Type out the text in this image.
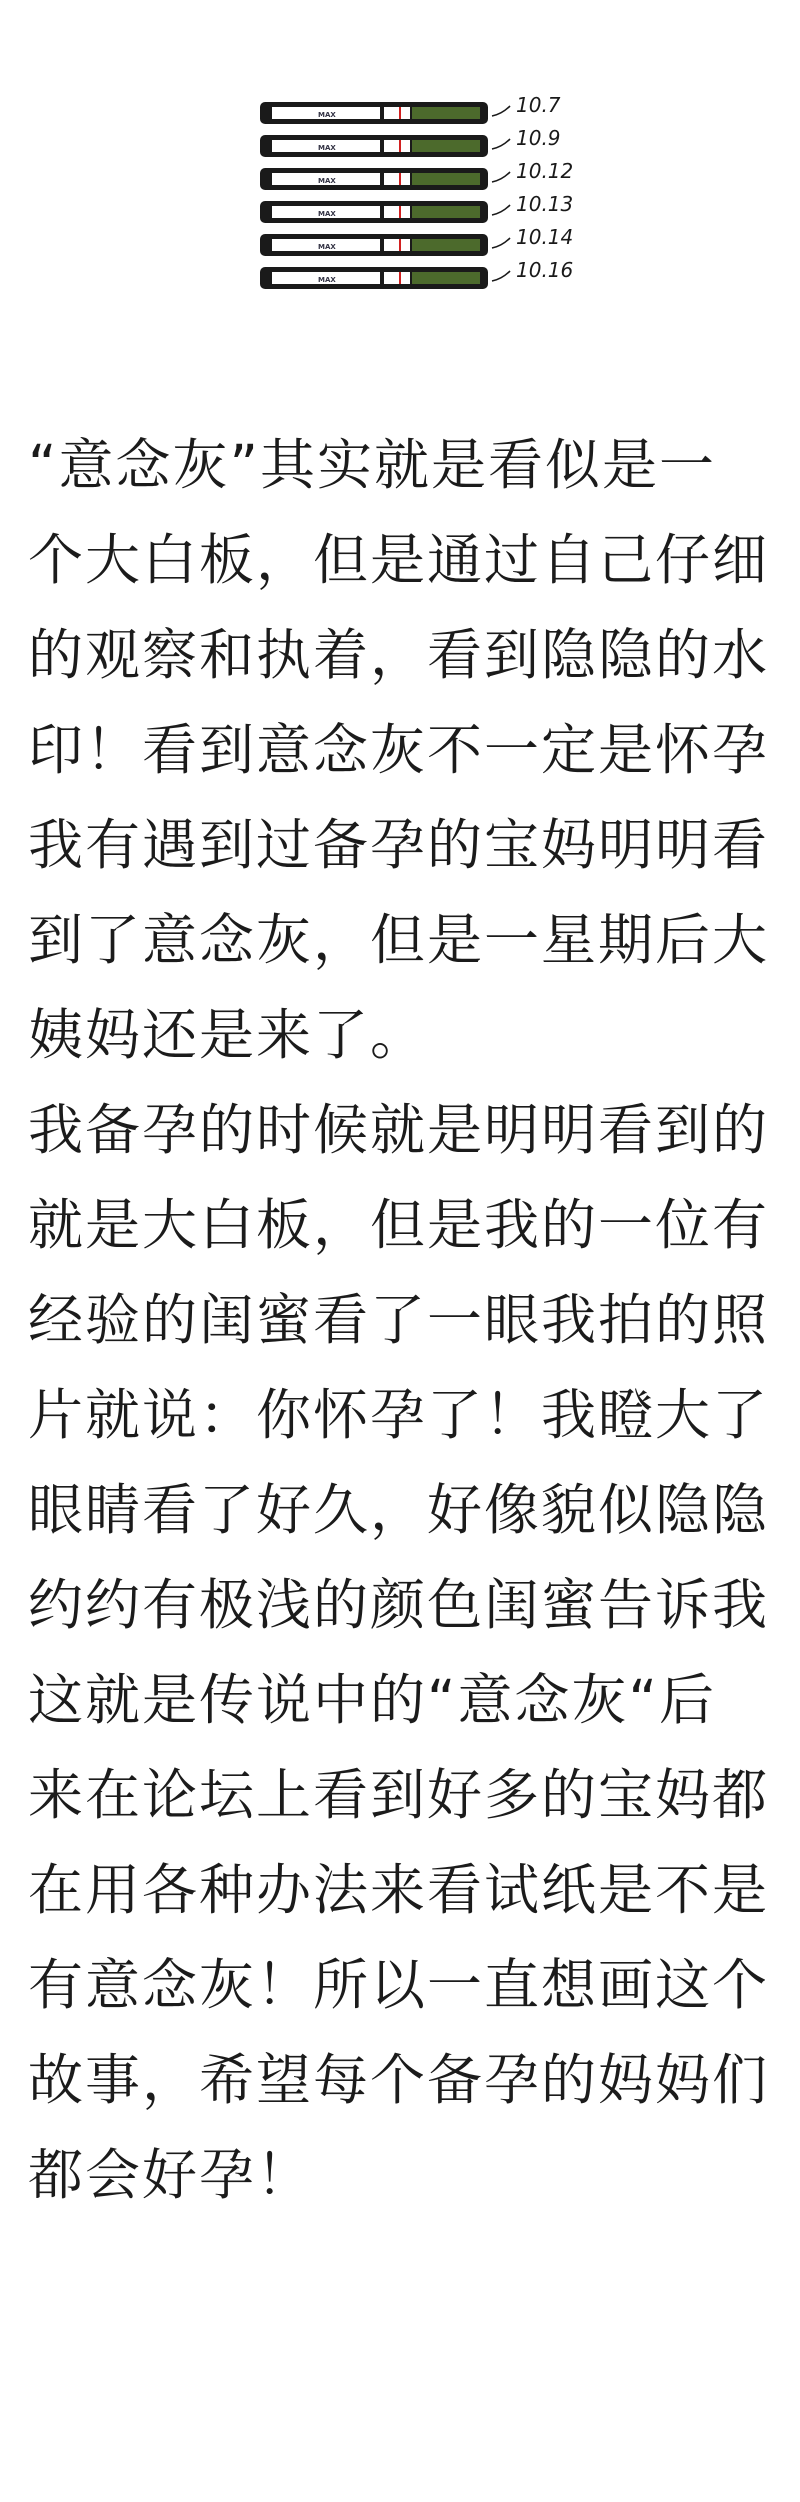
MAX	10.7
MAX	10.9
MAX	10.12
MAX	10.13
MAX	10.14
MAX	10.16
“意念灰”其实就是看似是一
个大白板，但是通过自己仔细
的观察和执着，看到隐隐的水
印！看到意念灰不一定是怀孕
我有遇到过备孕的宝妈明明看
到了意念灰，但是一星期后大
姨妈还是来了。
我备孕的时候就是明明看到的
就是大白板，但是我的一位有
经验的闺蜜看了一眼我拍的照
片就说：你怀孕了！我瞪大了
眼睛看了好久，好像貌似隐隐
约约有极浅的颜色闺蜜告诉我
这就是传说中的“意念灰“后
来在论坛上看到好多的宝妈都
在用各种办法来看试纸是不是
有意念灰！所以一直想画这个
故事，希望每个备孕的妈妈们
都会好孕！
